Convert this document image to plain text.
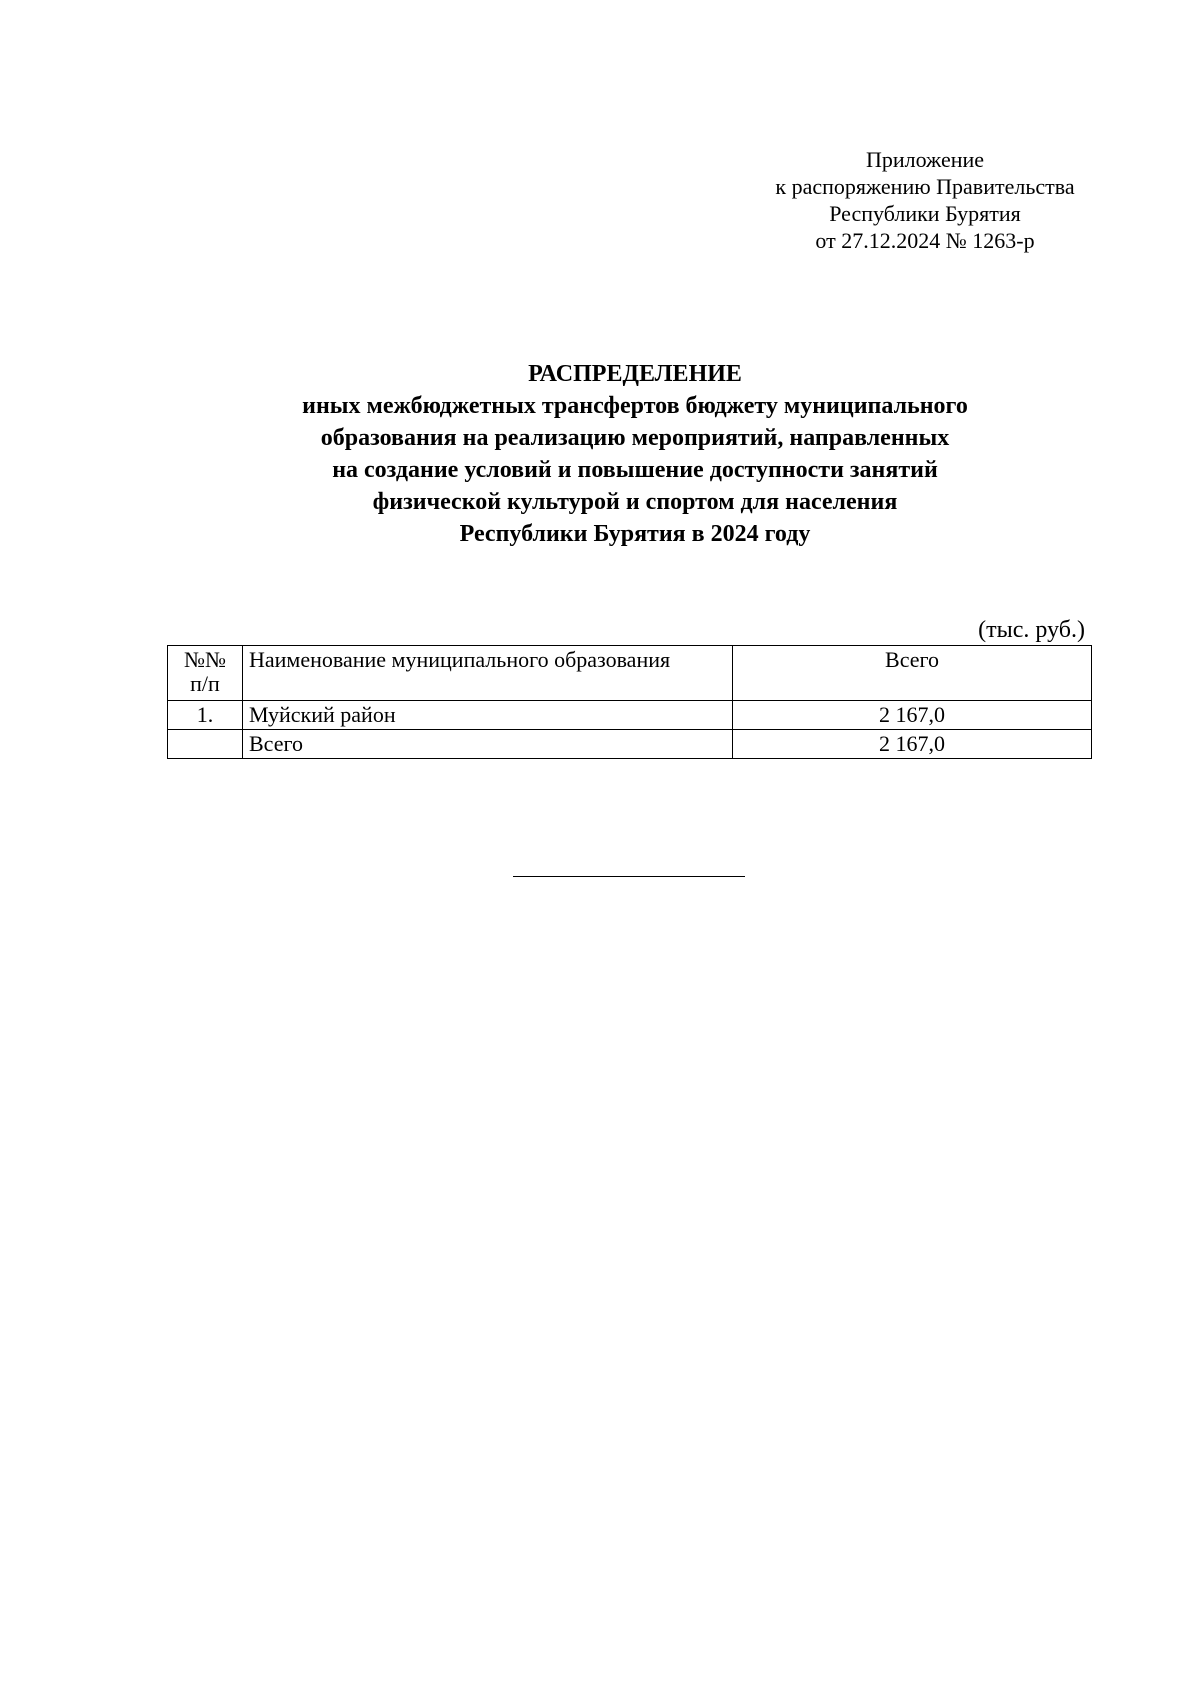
Приложение
к распоряжению Правительства
Республики Бурятия
от 27.12.2024 № 1263-р
РАСПРЕДЕЛЕНИЕ
иных межбюджетных трансфертов бюджету муниципального
образования на реализацию мероприятий, направленных
на создание условий и повышение доступности занятий
физической культурой и спортом для населения
Республики Бурятия в 2024 году
(тыс. руб.)
№№
п/п	Наименование муниципального образования	Всего
1.	Муйский район	2 167,0
	Всего	2 167,0
